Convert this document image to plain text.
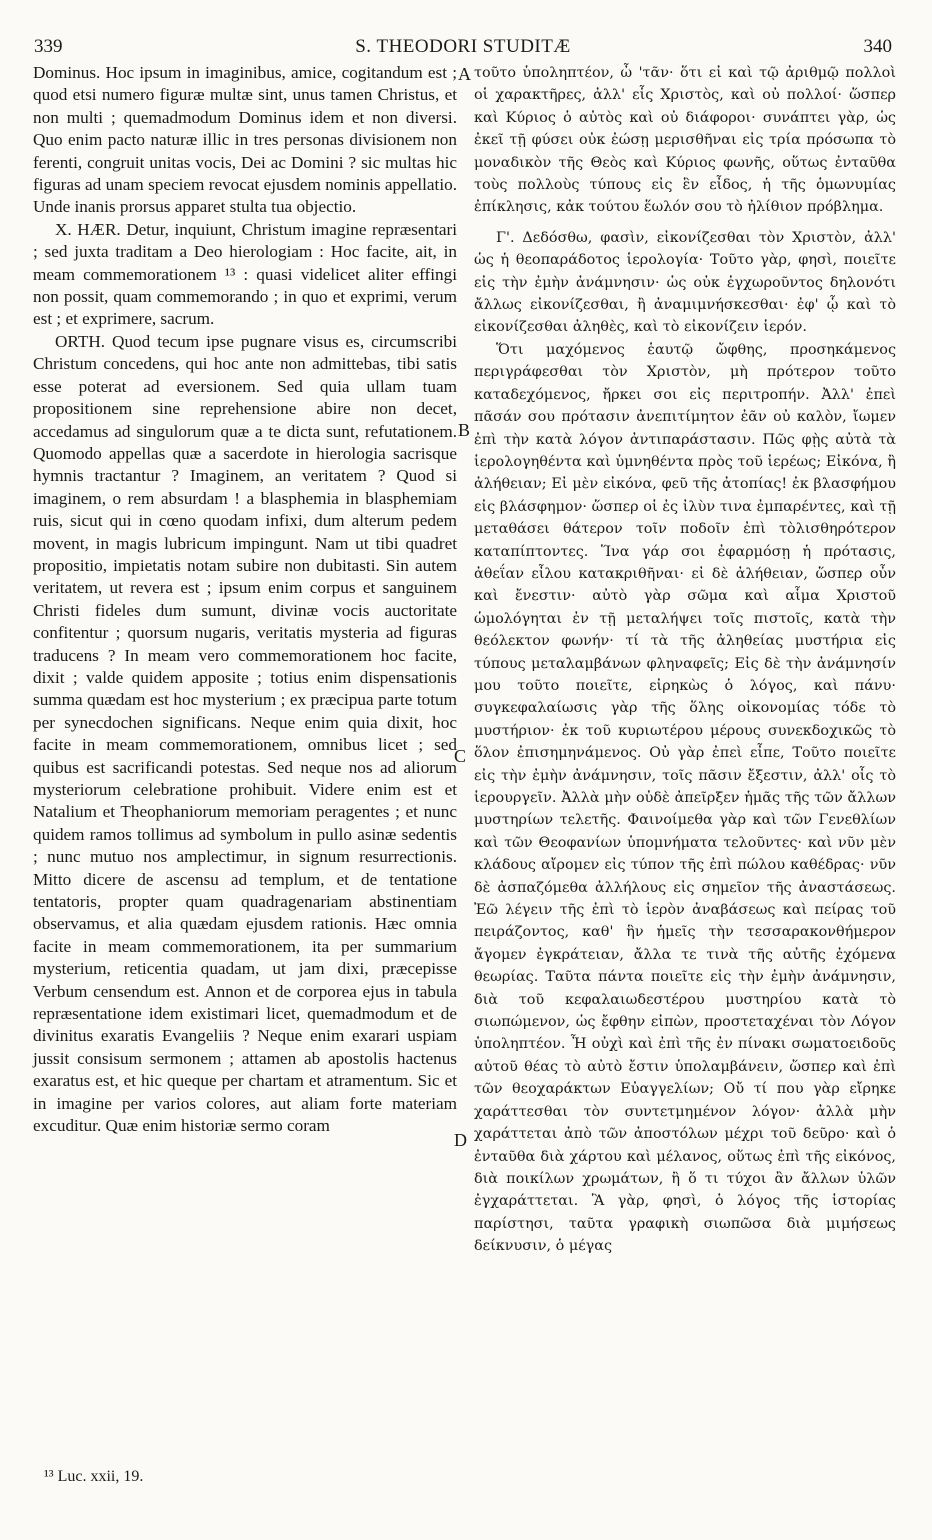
339	S. THEODORI STUDITÆ	340

Dominus. Hoc ipsum in imaginibus, amice, cogitandum est ; quod etsi numero figuræ multæ sint, unus tamen Christus, et non multi ; quemadmodum Dominus idem et non diversi. Quo enim pacto naturæ illic in tres personas divisionem non ferenti, congruit unitas vocis, Dei ac Domini ? sic multas hic figuras ad unam speciem revocat ejusdem nominis appellatio. Unde inanis prorsus apparet stulta tua objectio.

X. HÆR. Detur, inquiunt, Christum imagine repræsentari ; sed juxta traditam a Deo hierologiam : Hoc facite, ait, in meam commemorationem ¹³ : quasi videlicet aliter effingi non possit, quam commemorando ; in quo et exprimi, verum est ; et exprimere, sacrum.

ORTH. Quod tecum ipse pugnare visus es, circumscribi Christum concedens, qui hoc ante non admittebas, tibi satis esse poterat ad eversionem. Sed quia ullam tuam propositionem sine reprehensione abire non decet, accedamus ad singulorum quæ a te dicta sunt, refutationem. Quomodo appellas quæ a sacerdote in hierologia sacrisque hymnis tractantur ? Imaginem, an veritatem ? Quod si imaginem, o rem absurdam ! a blasphemia in blasphemiam ruis, sicut qui in cœno quodam infixi, dum alterum pedem movent, in magis lubricum impingunt. Nam ut tibi quadret propositio, impietatis notam subire non dubitasti. Sin autem veritatem, ut revera est ; ipsum enim corpus et sanguinem Christi fideles dum sumunt, divinæ vocis auctoritate confitentur ; quorsum nugaris, veritatis mysteria ad figuras traducens ? In meam vero commemorationem hoc facite, dixit ; valde quidem apposite ; totius enim dispensationis summa quædam est hoc mysterium ; ex præcipua parte totum per synecdochen significans. Neque enim quia dixit, hoc facite in meam commemorationem, omnibus licet ; sed quibus est sacrificandi potestas. Sed neque nos ad aliorum mysteriorum celebratione prohibuit. Videre enim est et Natalium et Theophaniorum memoriam peragentes ; et nunc quidem ramos tollimus ad symbolum in pullo asinæ sedentis ; nunc mutuo nos amplectimur, in signum resurrectionis. Mitto dicere de ascensu ad templum, et de tentatione tentatoris, propter quam quadragenariam abstinentiam observamus, et alia quædam ejusdem rationis. Hæc omnia facite in meam commemorationem, ita per summarium mysterium, reticentia quadam, ut jam dixi, præcepisse Verbum censendum est. Annon et de corporea ejus in tabula repræsentatione idem existimari licet, quemadmodum et de divinitus exaratis Evangeliis ? Neque enim exarari uspiam jussit consisum sermonem ; attamen ab apostolis hactenus exaratus est, et hic queque per chartam et atramentum. Sic et in imagine per varios colores, aut aliam forte materiam excuditur. Quæ enim historiæ sermo coram

A
B
C
D

τοῦτο ὑποληπτέον, ὦ 'τᾶν· ὅτι εἰ καὶ τῷ ἀριθμῷ πολλοὶ οἱ χαρακτῆρες, ἀλλ' εἷς Χριστὸς, καὶ οὐ πολλοί· ὥσπερ καὶ Κύριος ὁ αὐτὸς καὶ οὐ διάφοροι· συνάπτει γὰρ, ὡς ἐκεῖ τῇ φύσει οὐκ ἐώσῃ μερισθῆναι εἰς τρία πρόσωπα τὸ μοναδικὸν τῆς Θεὸς καὶ Κύριος φωνῆς, οὕτως ἐνταῦθα τοὺς πολλοὺς τύπους εἰς ἓν εἶδος, ἡ τῆς ὁμωνυμίας ἐπίκλησις, κἀκ τούτου ἕωλόν σου τὸ ἠλίθιον πρόβλημα.

Γ'. Δεδόσθω, φασὶν, εἰκονίζεσθαι τὸν Χριστὸν, ἀλλ' ὡς ἡ θεοπαράδοτος ἱερολογία· Τοῦτο γὰρ, φησὶ, ποιεῖτε εἰς τὴν ἐμὴν ἀνάμνησιν· ὡς οὐκ ἐγχωροῦντος δηλονότι ἄλλως εἰκονίζεσθαι, ἢ ἀναμιμνήσκεσθαι· ἐφ' ᾧ καὶ τὸ εἰκονίζεσθαι ἀληθὲς, καὶ τὸ εἰκονίζειν ἱερόν.

Ὅτι μαχόμενος ἑαυτῷ ὤφθης, προσηκάμενος περιγράφεσθαι τὸν Χριστὸν, μὴ πρότερον τοῦτο καταδεχόμενος, ἤρκει σοι εἰς περιτροπήν. Ἀλλ' ἐπεὶ πᾶσάν σου πρότασιν ἀνεπιτίμητον ἐᾶν οὐ καλὸν, ἴωμεν ἐπὶ τὴν κατὰ λόγον ἀντιπαράστασιν. Πῶς φῂς αὐτὰ τὰ ἱερολογηθέντα καὶ ὑμνηθέντα πρὸς τοῦ ἱερέως; Εἰκόνα, ἢ ἀλήθειαν; Εἰ μὲν εἰκόνα, φεῦ τῆς ἀτοπίας! ἐκ βλασφήμου εἰς βλάσφημον· ὥσπερ οἱ ἐς ἰλὺν τινα ἐμπαρέντες, καὶ τῇ μεταθάσει θάτερον τοῖν ποδοῖν ἐπὶ τὸλισθηρότερον καταπίπτοντες. Ἵνα γάρ σοι ἐφαρμόσῃ ἡ πρότασις, ἀθεΐαν εἶλου κατακριθῆναι· εἰ δὲ ἀλήθειαν, ὥσπερ οὖν καὶ ἔνεστιν· αὐτὸ γὰρ σῶμα καὶ αἷμα Χριστοῦ ὡμολόγηται ἐν τῇ μεταλήψει τοῖς πιστοῖς, κατὰ τὴν θεόλεκτον φωνήν· τί τὰ τῆς ἀληθείας μυστήρια εἰς τύπους μεταλαμβάνων φληναφεῖς; Εἰς δὲ τὴν ἀνάμνησίν μου τοῦτο ποιεῖτε, εἰρηκὼς ὁ λόγος, καὶ πάνυ· συγκεφαλαίωσις γὰρ τῆς ὅλης οἰκονομίας τόδε τὸ μυστήριον· ἐκ τοῦ κυριωτέρου μέρους συνεκδοχικῶς τὸ ὅλον ἐπισημηνάμενος. Οὐ γὰρ ἐπεὶ εἶπε, Τοῦτο ποιεῖτε εἰς τὴν ἐμὴν ἀνάμνησιν, τοῖς πᾶσιν ἔξεστιν, ἀλλ' οἷς τὸ ἱερουργεῖν. Ἀλλὰ μὴν οὐδὲ ἀπεῖρξεν ἡμᾶς τῆς τῶν ἄλλων μυστηρίων τελετῆς. Φαινοίμεθα γὰρ καὶ τῶν Γενεθλίων καὶ τῶν Θεοφανίων ὑπομνήματα τελοῦντες· καὶ νῦν μὲν κλάδους αἴρομεν εἰς τύπον τῆς ἐπὶ πώλου καθέδρας· νῦν δὲ ἀσπαζόμεθα ἀλλήλους εἰς σημεῖον τῆς ἀναστάσεως. Ἐῶ λέγειν τῆς ἐπὶ τὸ ἱερὸν ἀναβάσεως καὶ πείρας τοῦ πειράζοντος, καθ' ἣν ἡμεῖς τὴν τεσσαρακονθήμερον ἄγομεν ἐγκράτειαν, ἄλλα τε τινὰ τῆς αὐτῆς ἐχόμενα θεωρίας. Ταῦτα πάντα ποιεῖτε εἰς τὴν ἐμὴν ἀνάμνησιν, διὰ τοῦ κεφαλαιωδεστέρου μυστηρίου κατὰ τὸ σιωπώμενον, ὡς ἔφθην εἰπὼν, προστεταχέναι τὸν Λόγον ὑποληπτέον. Ἦ οὐχὶ καὶ ἐπὶ τῆς ἐν πίνακι σωματοειδοῦς αὐτοῦ θέας τὸ αὐτὸ ἔστιν ὑπολαμβάνειν, ὥσπερ καὶ ἐπὶ τῶν θεοχαράκτων Εὐαγγελίων; Οὔ τί που γὰρ εἴρηκε χαράττεσθαι τὸν συντετμημένον λόγον· ἀλλὰ μὴν χαράττεται ἀπὸ τῶν ἀποστόλων μέχρι τοῦ δεῦρο· καὶ ὁ ἐνταῦθα διὰ χάρτου καὶ μέλανος, οὕτως ἐπὶ τῆς εἰκόνος, διὰ ποικίλων χρωμάτων, ἢ ὅ τι τύχοι ἂν ἄλλων ὑλῶν ἐγχαράττεται. Ἃ γὰρ, φησὶ, ὁ λόγος τῆς ἱστορίας παρίστησι, ταῦτα γραφικὴ σιωπῶσα διὰ μιμήσεως δείκνυσιν, ὁ μέγας

¹³ Luc. xxii, 19.
